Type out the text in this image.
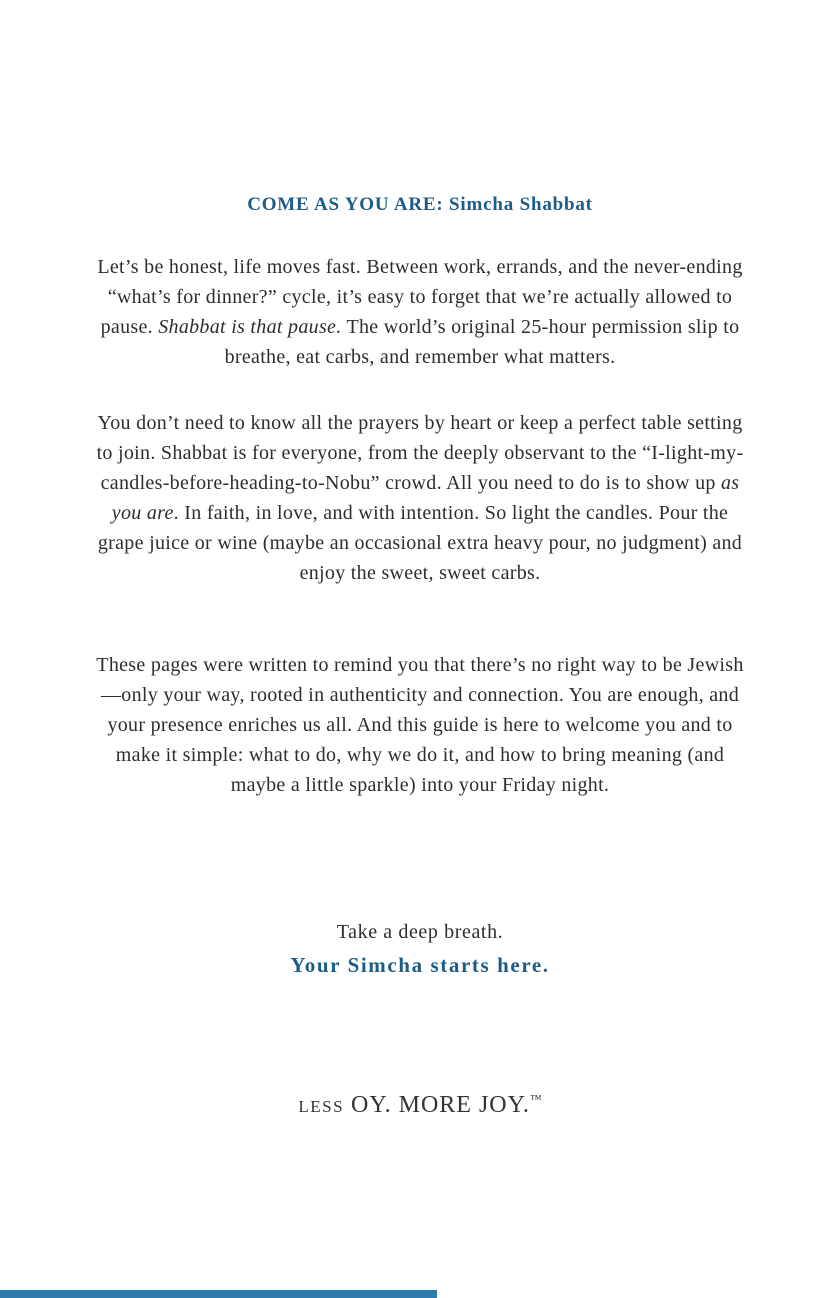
COME AS YOU ARE: Simcha Shabbat

Let’s be honest, life moves fast. Between work, errands, and the never-ending “what’s for dinner?” cycle, it’s easy to forget that we’re actually allowed to pause. Shabbat is that pause. The world’s original 25-hour permission slip to breathe, eat carbs, and remember what matters.

You don’t need to know all the prayers by heart or keep a perfect table setting to join. Shabbat is for everyone, from the deeply observant to the “I-light-my-candles-before-heading-to-Nobu” crowd. All you need to do is to show up as you are. In faith, in love, and with intention. So light the candles. Pour the grape juice or wine (maybe an occasional extra heavy pour, no judgment) and enjoy the sweet, sweet carbs.

These pages were written to remind you that there’s no right way to be Jewish—only your way, rooted in authenticity and connection. You are enough, and your presence enriches us all. And this guide is here to welcome you and to make it simple: what to do, why we do it, and how to bring meaning (and maybe a little sparkle) into your Friday night.

Take a deep breath.

Your Simcha starts here.

LESS OY. MORE JOY.™
